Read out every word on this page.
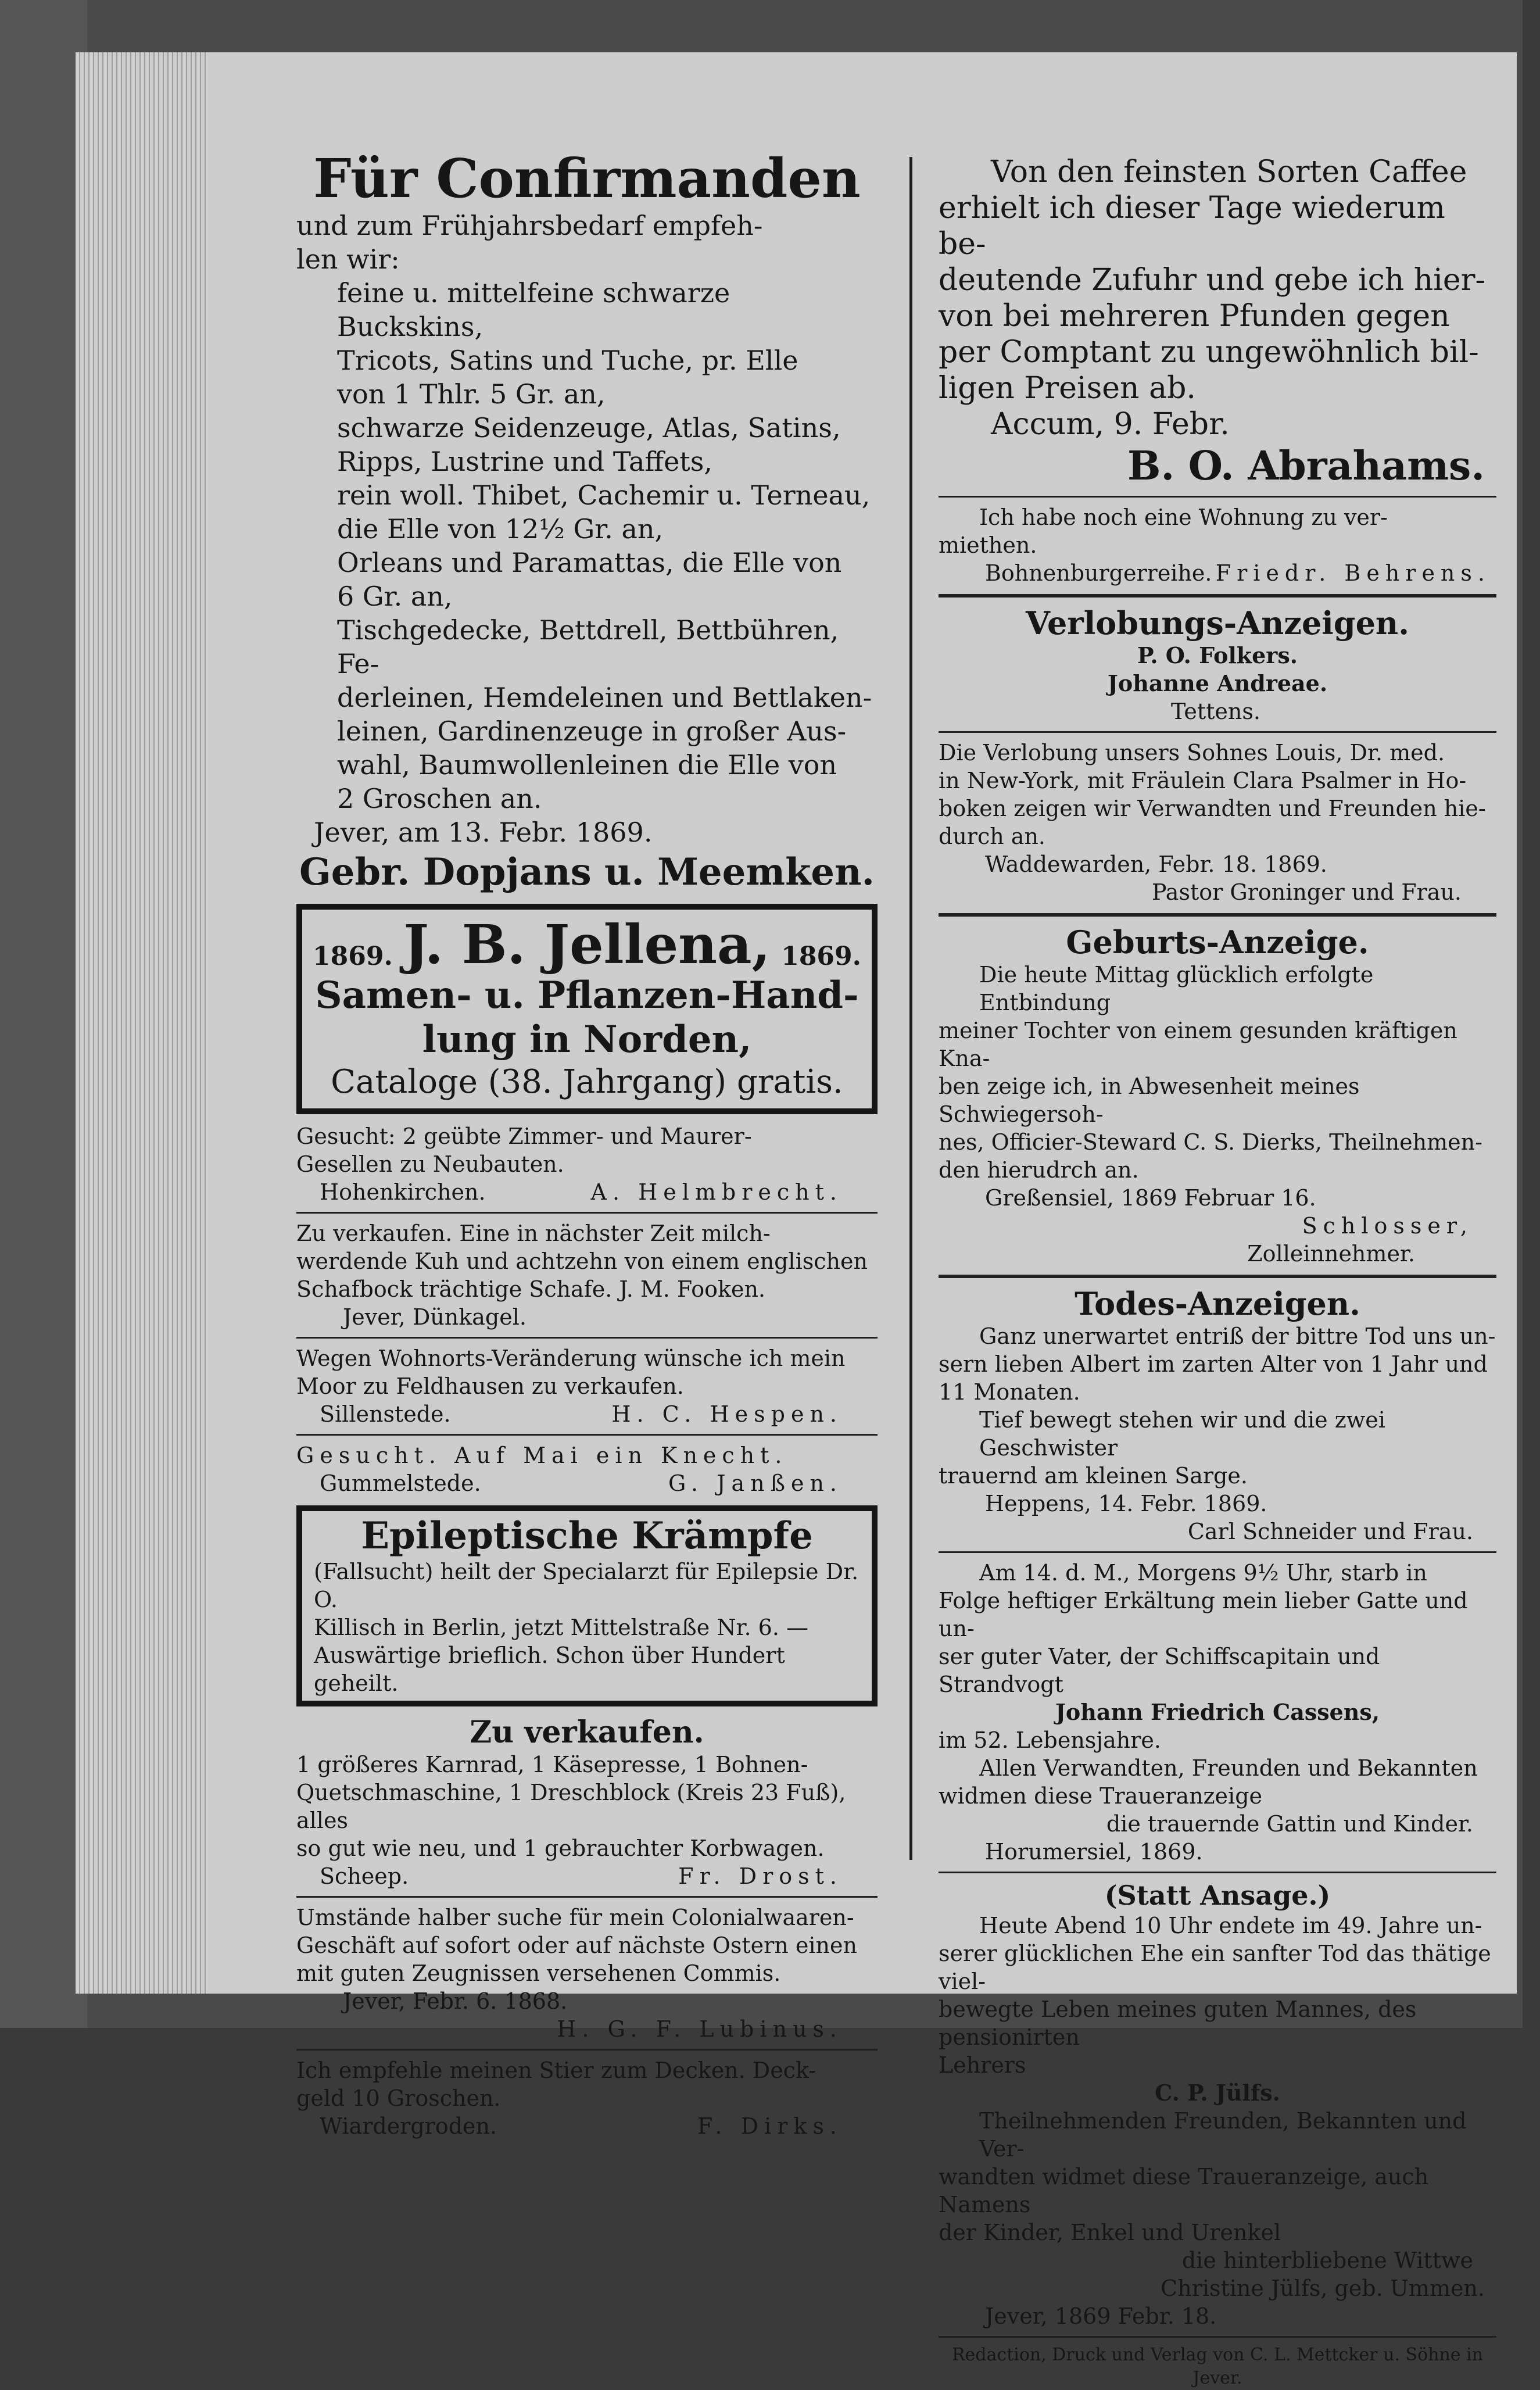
Für Confirmanden

und zum Frühjahrsbedarf empfeh-

len wir:

feine u. mittelfeine schwarze Buckskins,

Tricots, Satins und Tuche, pr. Elle

von 1 Thlr. 5 Gr. an,

schwarze Seidenzeuge, Atlas, Satins,

Ripps, Lustrine und Taffets,

rein woll. Thibet, Cachemir u. Terneau,

die Elle von 12½ Gr. an,

Orleans und Paramattas, die Elle von

6 Gr. an,

Tischgedecke, Bettdrell, Bettbühren, Fe-

derleinen, Hemdeleinen und Bettlaken-

leinen, Gardinenzeuge in großer Aus-

wahl, Baumwollenleinen die Elle von

2 Groschen an.

Jever, am 13. Febr. 1869.

Gebr. Dopjans u. Meemken.

1869. J. B. Jellena, 1869.

Samen- u. Pflanzen-Hand-

lung in Norden,

Cataloge (38. Jahrgang) gratis.

Gesucht: 2 geübte Zimmer- und Maurer-

Gesellen zu Neubauten.

Hohenkirchen.	A. Helmbrecht.

Zu verkaufen. Eine in nächster Zeit milch-

werdende Kuh und achtzehn von einem englischen

Schafbock trächtige Schafe. J. M. Fooken.

Jever, Dünkagel.

Wegen Wohnorts-Veränderung wünsche ich mein

Moor zu Feldhausen zu verkaufen.

Sillenstede.	H. C. Hespen.

Gesucht. Auf Mai ein Knecht.

Gummelstede.	G. Janßen.

Epileptische Krämpfe

(Fallsucht) heilt der Specialarzt für Epilepsie Dr. O.

Killisch in Berlin, jetzt Mittelstraße Nr. 6. —

Auswärtige brieflich. Schon über Hundert geheilt.

Zu verkaufen.

1 größeres Karnrad, 1 Käsepresse, 1 Bohnen-

Quetschmaschine, 1 Dreschblock (Kreis 23 Fuß), alles

so gut wie neu, und 1 gebrauchter Korbwagen.

Scheep.	Fr. Drost.

Umstände halber suche für mein Colonialwaaren-

Geschäft auf sofort oder auf nächste Ostern einen

mit guten Zeugnissen versehenen Commis.

Jever, Febr. 6. 1868.

H. G. F. Lubinus.

Ich empfehle meinen Stier zum Decken. Deck-

geld 10 Groschen.

Wiardergroden.	F. Dirks.

Von den feinsten Sorten Caffee

erhielt ich dieser Tage wiederum be-

deutende Zufuhr und gebe ich hier-

von bei mehreren Pfunden gegen

per Comptant zu ungewöhnlich bil-

ligen Preisen ab.

Accum, 9. Febr.

B. O. Abrahams.

Ich habe noch eine Wohnung zu ver-

miethen.

Bohnenburgerreihe. Friedr. Behrens.

Verlobungs-Anzeigen.

P. O. Folkers.

Johanne Andreae.

Tettens.

Die Verlobung unsers Sohnes Louis, Dr. med.

in New-York, mit Fräulein Clara Psalmer in Ho-

boken zeigen wir Verwandten und Freunden hie-

durch an.

Waddewarden, Febr. 18. 1869.

Pastor Groninger und Frau.

Geburts-Anzeige.

Die heute Mittag glücklich erfolgte Entbindung

meiner Tochter von einem gesunden kräftigen Kna-

ben zeige ich, in Abwesenheit meines Schwiegersoh-

nes, Officier-Steward C. S. Dierks, Theilnehmen-

den hierudrch an.

Greßensiel, 1869 Februar 16.

Schlosser,

Zolleinnehmer.

Todes-Anzeigen.

Ganz unerwartet entriß der bittre Tod uns un-

sern lieben Albert im zarten Alter von 1 Jahr und

11 Monaten.

Tief bewegt stehen wir und die zwei Geschwister

trauernd am kleinen Sarge.

Heppens, 14. Febr. 1869.

Carl Schneider und Frau.

Am 14. d. M., Morgens 9½ Uhr, starb in

Folge heftiger Erkältung mein lieber Gatte und un-

ser guter Vater, der Schiffscapitain und Strandvogt

Johann Friedrich Cassens,

im 52. Lebensjahre.

Allen Verwandten, Freunden und Bekannten

widmen diese Traueranzeige

die trauernde Gattin und Kinder.

Horumersiel, 1869.

(Statt Ansage.)

Heute Abend 10 Uhr endete im 49. Jahre un-

serer glücklichen Ehe ein sanfter Tod das thätige viel-

bewegte Leben meines guten Mannes, des pensionirten

Lehrers

C. P. Jülfs.

Theilnehmenden Freunden, Bekannten und Ver-

wandten widmet diese Traueranzeige, auch Namens

der Kinder, Enkel und Urenkel

die hinterbliebene Wittwe

Christine Jülfs, geb. Ummen.

Jever, 1869 Febr. 18.

Redaction, Druck und Verlag von C. L. Mettcker u. Söhne in Jever.
